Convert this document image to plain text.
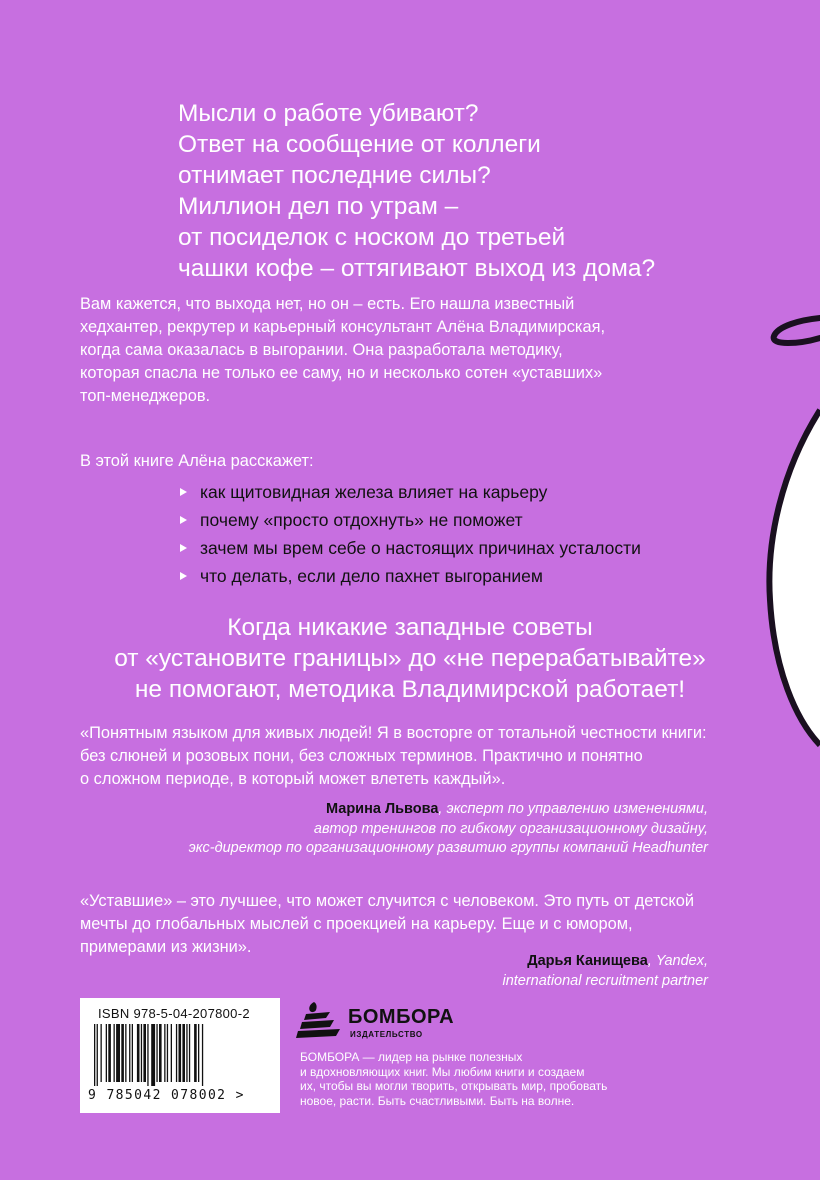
Мысли о работе убивают?
Ответ на сообщение от коллеги
отнимает последние силы?
Миллион дел по утрам –
от посиделок с носком до третьей
чашки кофе – оттягивают выход из дома?
Вам кажется, что выхода нет, но он – есть. Его нашла известный
хедхантер, рекрутер и карьерный консультант Алёна Владимирская,
когда сама оказалась в выгорании. Она разработала методику,
которая спасла не только ее саму, но и несколько сотен «уставших»
топ-менеджеров.
В этой книге Алёна расскажет:
как щитовидная железа влияет на карьеру
почему «просто отдохнуть» не поможет
зачем мы врем себе о настоящих причинах усталости
что делать, если дело пахнет выгоранием
Когда никакие западные советы
от «установите границы» до «не перерабатывайте»
не помогают, методика Владимирской работает!
«Понятным языком для живых людей! Я в восторге от тотальной честности книги:
без слюней и розовых пони, без сложных терминов. Практично и понятно
о сложном периоде, в который может влететь каждый».
Марина Львова, эксперт по управлению изменениями,
автор тренингов по гибкому организационному дизайну,
экс-директор по организационному развитию группы компаний Headhunter
«Уставшие» – это лучшее, что может случится с человеком. Это путь от детской
мечты до глобальных мыслей с проекцией на карьеру. Еще и с юмором,
примерами из жизни».
Дарья Канищева, Yandex,
international recruitment partner
ISBN 978-5-04-207800-2
9 785042 078002 >
БОМБОРА
ИЗДАТЕЛЬСТВО
БОМБОРА — лидер на рынке полезных
и вдохновляющих книг. Мы любим книги и создаем
их, чтобы вы могли творить, открывать мир, пробовать
новое, расти. Быть счастливыми. Быть на волне.
